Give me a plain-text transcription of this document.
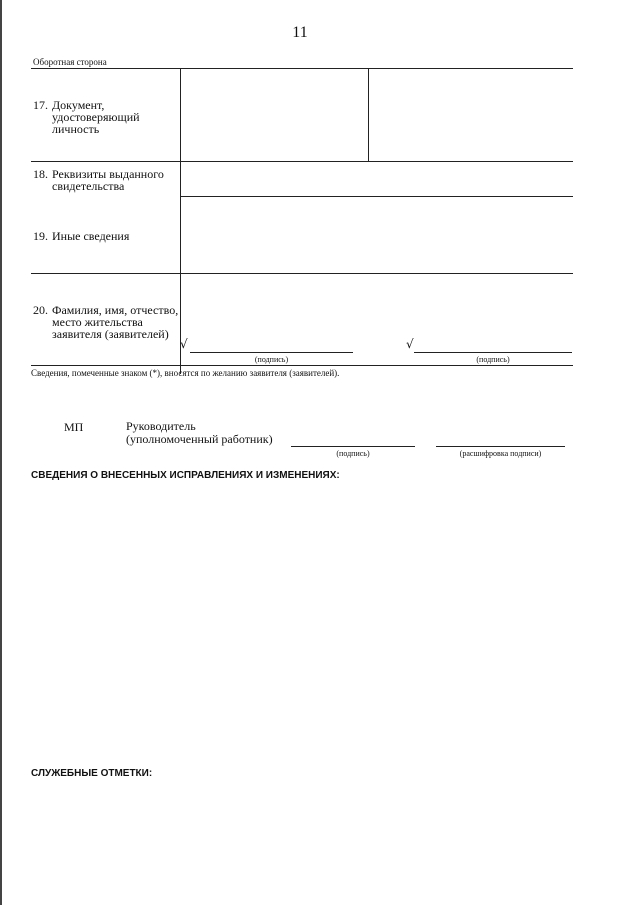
11
Оборотная сторона
17. Документ,
удостоверяющий
личность
18. Реквизиты выданного
свидетельства
19. Иные сведения
20. Фамилия, имя, отчество,
место жительства
заявителя (заявителей)
√
(подпись)
√
(подпись)
Сведения, помеченные знаком (*), вносятся по желанию заявителя (заявителей).
МП	Руководитель
(уполномоченный работник)
(подпись)	(расшифровка подписи)
СВЕДЕНИЯ О ВНЕСЕННЫХ ИСПРАВЛЕНИЯХ И ИЗМЕНЕНИЯХ:
СЛУЖЕБНЫЕ ОТМЕТКИ:
